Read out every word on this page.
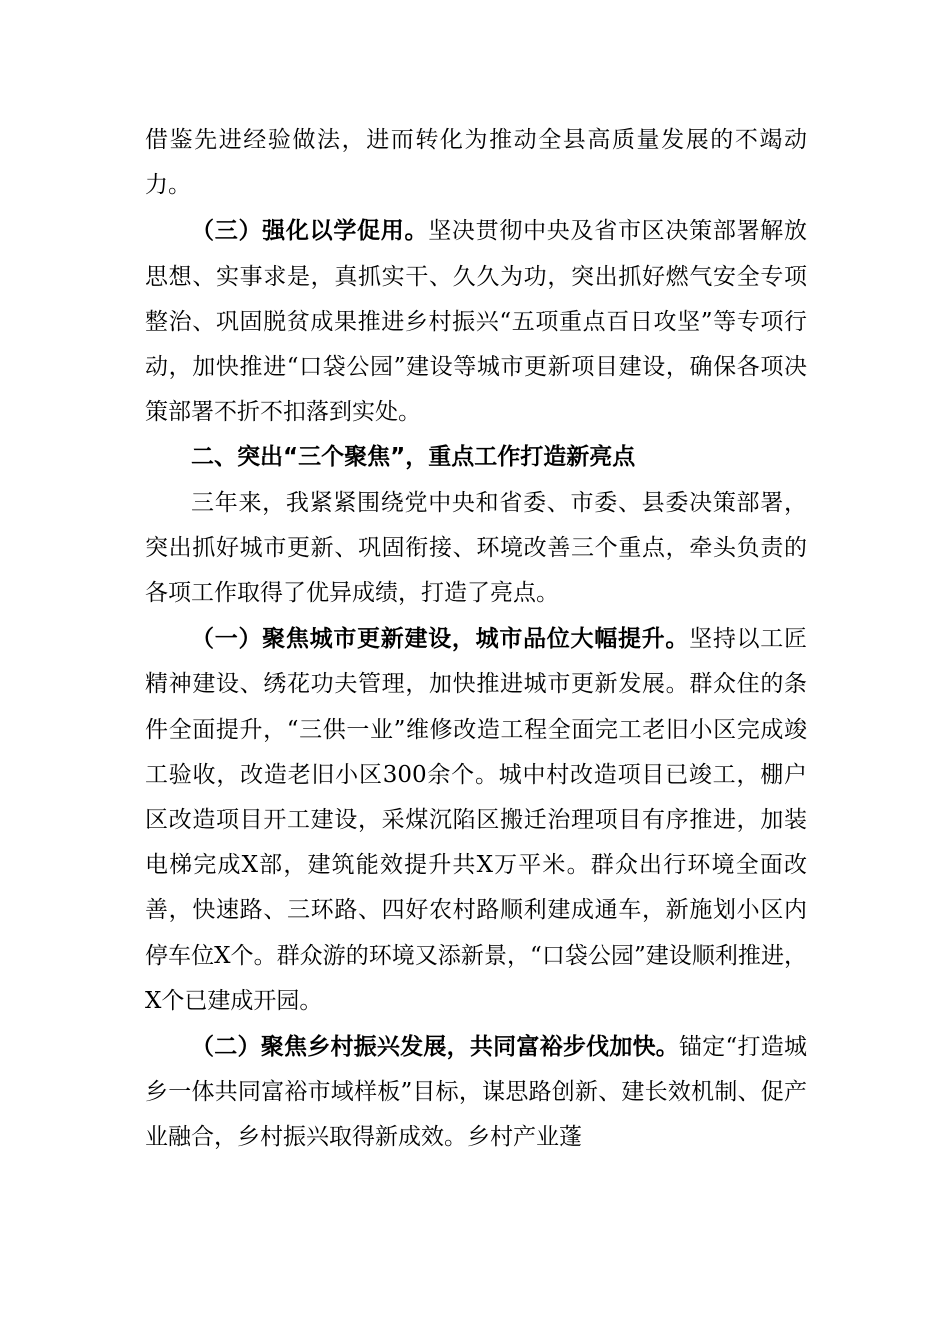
借鉴先进经验做法，进而转化为推动全县高质量发展的不竭动力。

（三）强化以学促用。坚决贯彻中央及省市区决策部署解放思想、实事求是，真抓实干、久久为功，突出抓好燃气安全专项整治、巩固脱贫成果推进乡村振兴“五项重点百日攻坚”等专项行动，加快推进“口袋公园”建设等城市更新项目建设，确保各项决策部署不折不扣落到实处。

二、突出“三个聚焦”，重点工作打造新亮点

三年来，我紧紧围绕党中央和省委、市委、县委决策部署，突出抓好城市更新、巩固衔接、环境改善三个重点，牵头负责的各项工作取得了优异成绩，打造了亮点。

（一）聚焦城市更新建设，城市品位大幅提升。坚持以工匠精神建设、绣花功夫管理，加快推进城市更新发展。群众住的条件全面提升，“三供一业”维修改造工程全面完工老旧小区完成竣工验收，改造老旧小区300余个。城中村改造项目已竣工，棚户区改造项目开工建设，采煤沉陷区搬迁治理项目有序推进，加装电梯完成X部，建筑能效提升共X万平米。群众出行环境全面改善，快速路、三环路、四好农村路顺利建成通车，新施划小区内停车位X个。群众游的环境又添新景，“口袋公园”建设顺利推进，X个已建成开园。

（二）聚焦乡村振兴发展，共同富裕步伐加快。锚定“打造城乡一体共同富裕市域样板”目标，谋思路创新、建长效机制、促产业融合，乡村振兴取得新成效。乡村产业蓬
